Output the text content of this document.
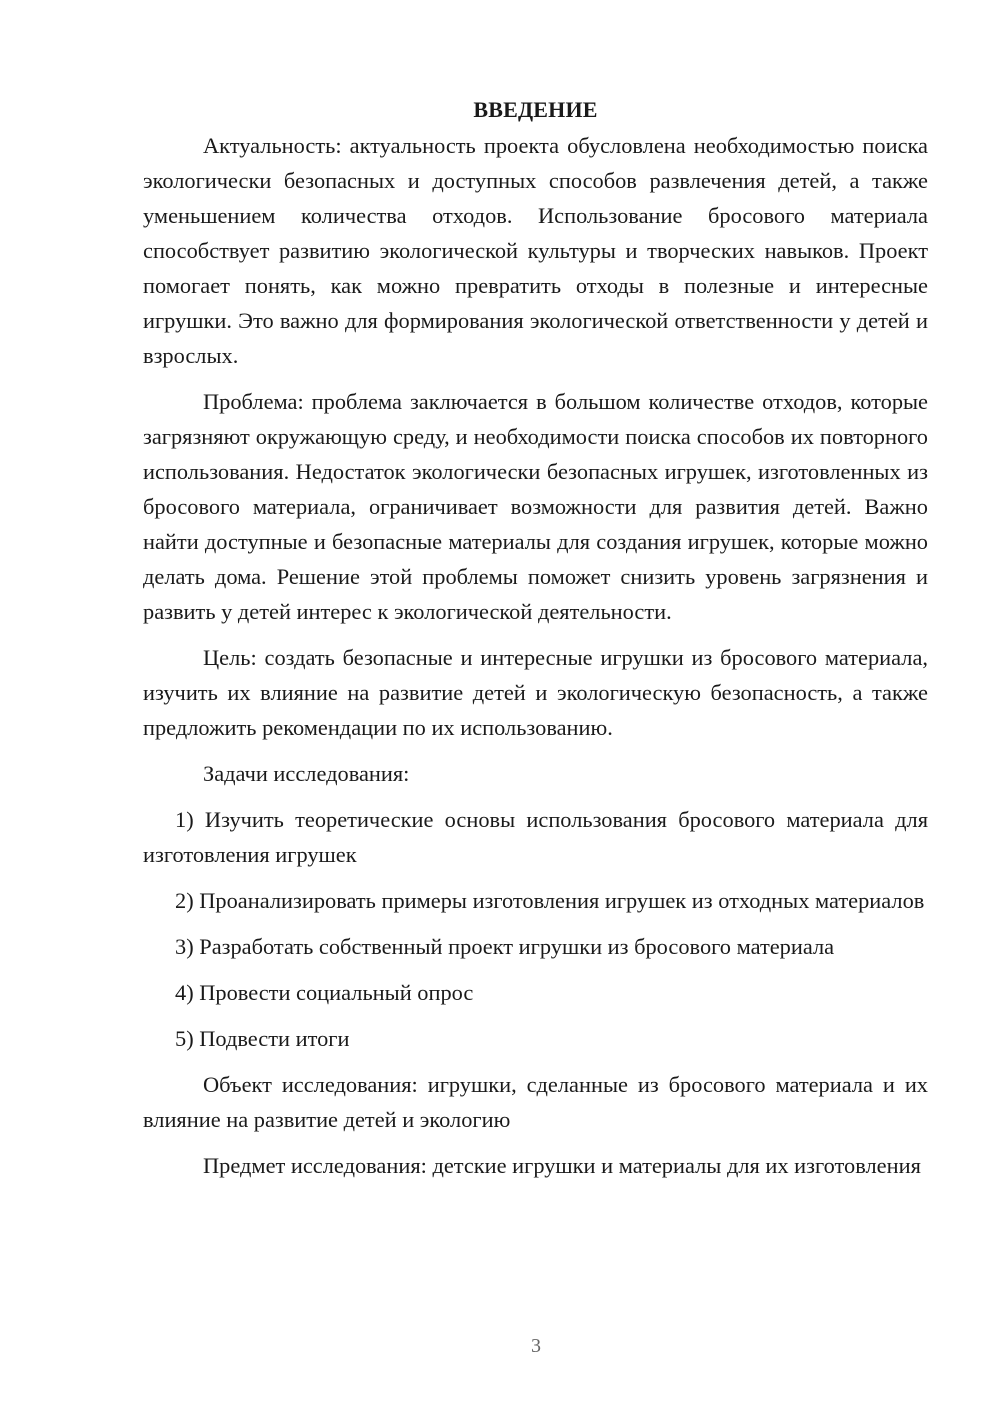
ВВЕДЕНИЕ

Актуальность: актуальность проекта обусловлена необходимостью поиска экологически безопасных и доступных способов развлечения детей, а также уменьшением количества отходов. Использование бросового материала способствует развитию экологической культуры и творческих навыков. Проект помогает понять, как можно превратить отходы в полезные и интересные игрушки. Это важно для формирования экологической ответственности у детей и взрослых.

Проблема: проблема заключается в большом количестве отходов, которые загрязняют окружающую среду, и необходимости поиска способов их повторного использования. Недостаток экологически безопасных игрушек, изготовленных из бросового материала, ограничивает возможности для развития детей. Важно найти доступные и безопасные материалы для создания игрушек, которые можно делать дома. Решение этой проблемы поможет снизить уровень загрязнения и развить у детей интерес к экологической деятельности.

Цель: создать безопасные и интересные игрушки из бросового материала, изучить их влияние на развитие детей и экологическую безопасность, а также предложить рекомендации по их использованию.

Задачи исследования:

1) Изучить теоретические основы использования бросового материала для изготовления игрушек

2) Проанализировать примеры изготовления игрушек из отходных материалов

3) Разработать собственный проект игрушки из бросового материала

4) Провести социальный опрос

5) Подвести итоги

Объект исследования: игрушки, сделанные из бросового материала и их влияние на развитие детей и экологию

Предмет исследования: детские игрушки и материалы для их изготовления

3
